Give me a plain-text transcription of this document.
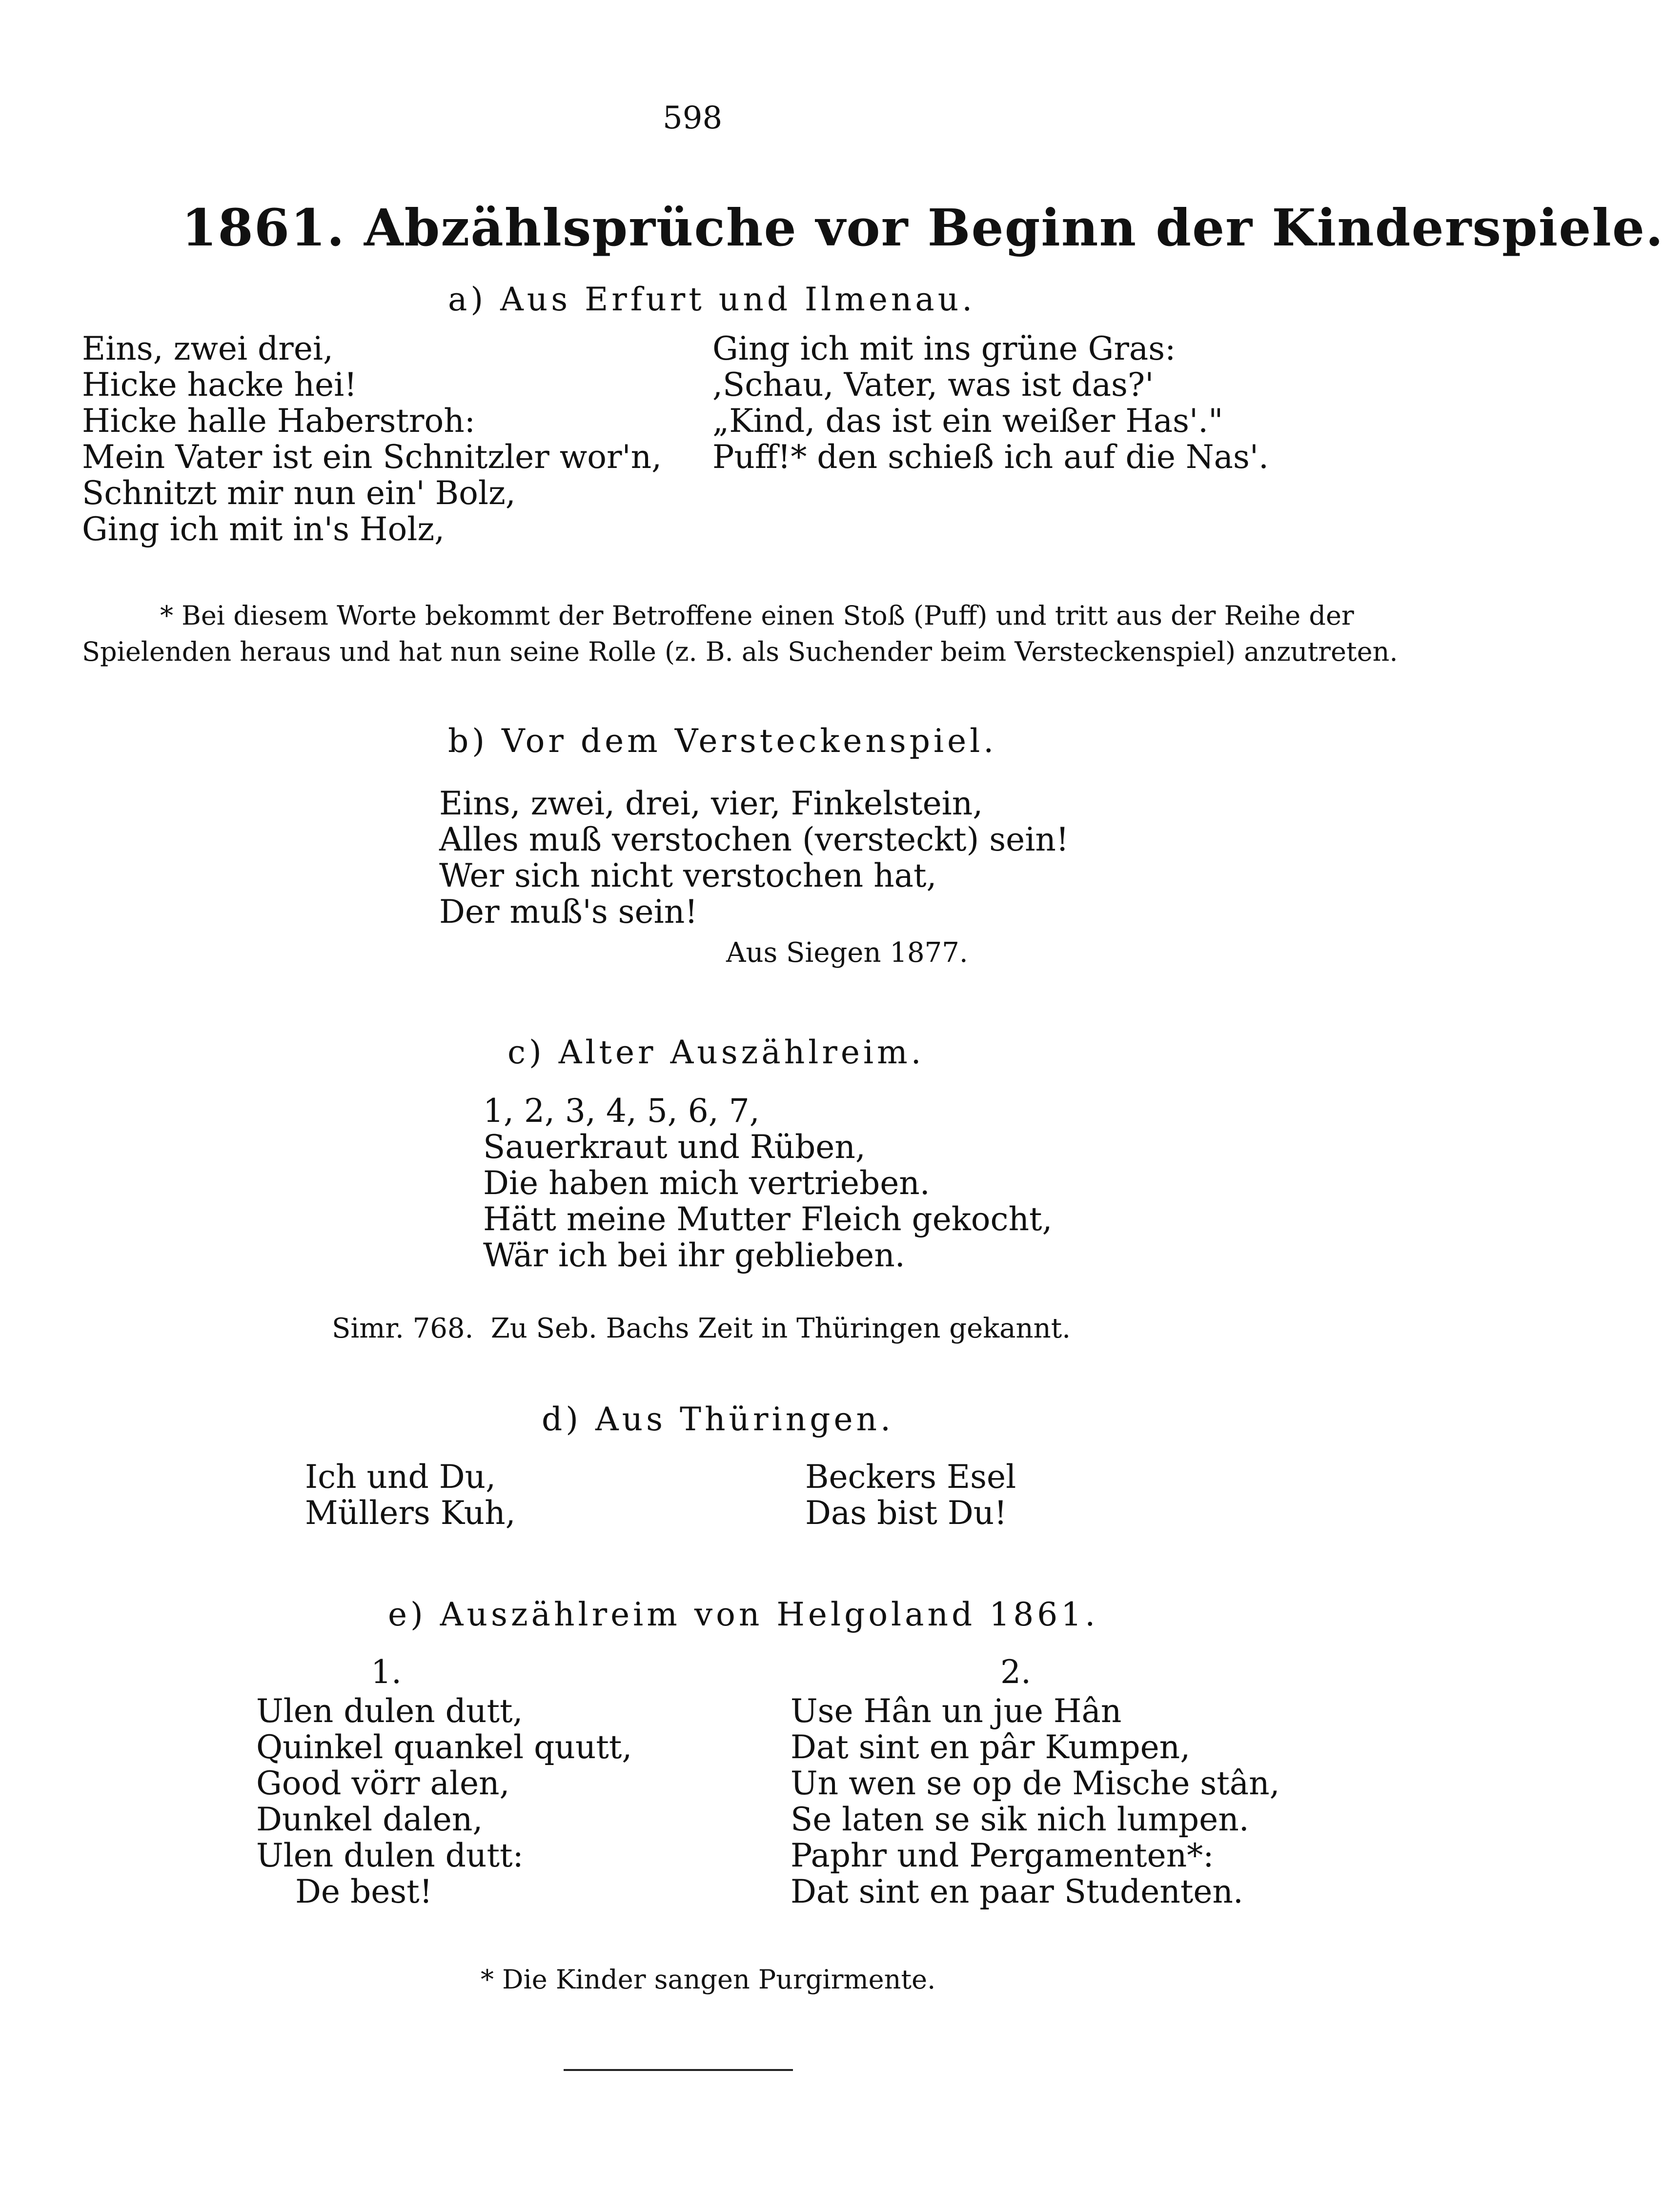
598
1861. Abzählsprüche vor Beginn der Kinderspiele.
a) Aus Erfurt und Ilmenau.
Eins, zwei drei,
Hicke hacke hei!
Hicke halle Haberstroh:
Mein Vater ist ein Schnitzler wor'n,
Schnitzt mir nun ein' Bolz,
Ging ich mit in's Holz,
Ging ich mit ins grüne Gras:
,Schau, Vater, was ist das?'
„Kind, das ist ein weißer Has'."
Puff!* den schieß ich auf die Nas'.
* Bei diesem Worte bekommt der Betroffene einen Stoß (Puff) und tritt aus der Reihe der
Spielenden heraus und hat nun seine Rolle (z. B. als Suchender beim Versteckenspiel) anzutreten.
b) Vor dem Versteckenspiel.
Eins, zwei, drei, vier, Finkelstein,
Alles muß verstochen (versteckt) sein!
Wer sich nicht verstochen hat,
Der muß's sein!
Aus Siegen 1877.
c) Alter Auszählreim.
1, 2, 3, 4, 5, 6, 7,
Sauerkraut und Rüben,
Die haben mich vertrieben.
Hätt meine Mutter Fleich gekocht,
Wär ich bei ihr geblieben.
Simr. 768.  Zu Seb. Bachs Zeit in Thüringen gekannt.
d) Aus Thüringen.
Ich und Du,
Müllers Kuh,
Beckers Esel
Das bist Du!
e) Auszählreim von Helgoland 1861.
1.	2.
Ulen dulen dutt,
Quinkel quankel quutt,
Good vörr alen,
Dunkel dalen,
Ulen dulen dutt:
De best!
Use Hân un jue Hân
Dat sint en pâr Kumpen,
Un wen se op de Mische stân,
Se laten se sik nich lumpen.
Paphr und Pergamenten*:
Dat sint en paar Studenten.
* Die Kinder sangen Purgirmente.
